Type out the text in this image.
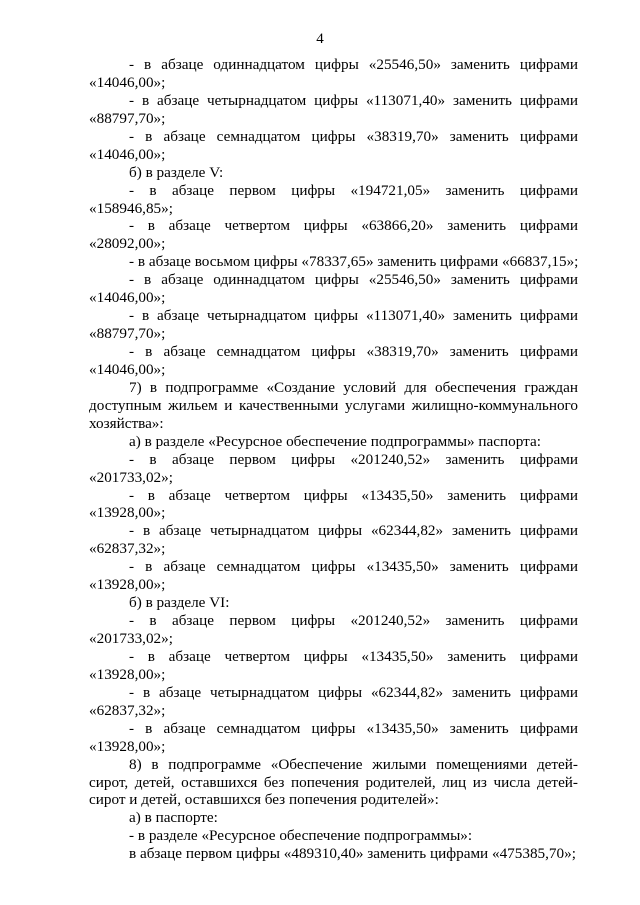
4
- в абзаце одиннадцатом цифры «25546,50» заменить цифрами
«14046,00»;
- в абзаце четырнадцатом цифры «113071,40» заменить цифрами
«88797,70»;
- в абзаце семнадцатом цифры «38319,70» заменить цифрами
«14046,00»;
б) в разделе V:
- в абзаце первом цифры «194721,05» заменить цифрами
«158946,85»;
- в абзаце четвертом цифры «63866,20» заменить цифрами
«28092,00»;
- в абзаце восьмом цифры «78337,65» заменить цифрами «66837,15»;
- в абзаце одиннадцатом цифры «25546,50» заменить цифрами
«14046,00»;
- в абзаце четырнадцатом цифры «113071,40» заменить цифрами
«88797,70»;
- в абзаце семнадцатом цифры «38319,70» заменить цифрами
«14046,00»;
7) в подпрограмме «Создание условий для обеспечения граждан
доступным жильем и качественными услугами жилищно-коммунального
хозяйства»:
а) в разделе «Ресурсное обеспечение подпрограммы» паспорта:
- в абзаце первом цифры «201240,52» заменить цифрами
«201733,02»;
- в абзаце четвертом цифры «13435,50» заменить цифрами
«13928,00»;
- в абзаце четырнадцатом цифры «62344,82» заменить цифрами
«62837,32»;
- в абзаце семнадцатом цифры «13435,50» заменить цифрами
«13928,00»;
б) в разделе VI:
- в абзаце первом цифры «201240,52» заменить цифрами
«201733,02»;
- в абзаце четвертом цифры «13435,50» заменить цифрами
«13928,00»;
- в абзаце четырнадцатом цифры «62344,82» заменить цифрами
«62837,32»;
- в абзаце семнадцатом цифры «13435,50» заменить цифрами
«13928,00»;
8) в подпрограмме «Обеспечение жилыми помещениями детей-
сирот, детей, оставшихся без попечения родителей, лиц из числа детей-
сирот и детей, оставшихся без попечения родителей»:
а) в паспорте:
- в разделе «Ресурсное обеспечение подпрограммы»:
в абзаце первом цифры «489310,40» заменить цифрами «475385,70»;
